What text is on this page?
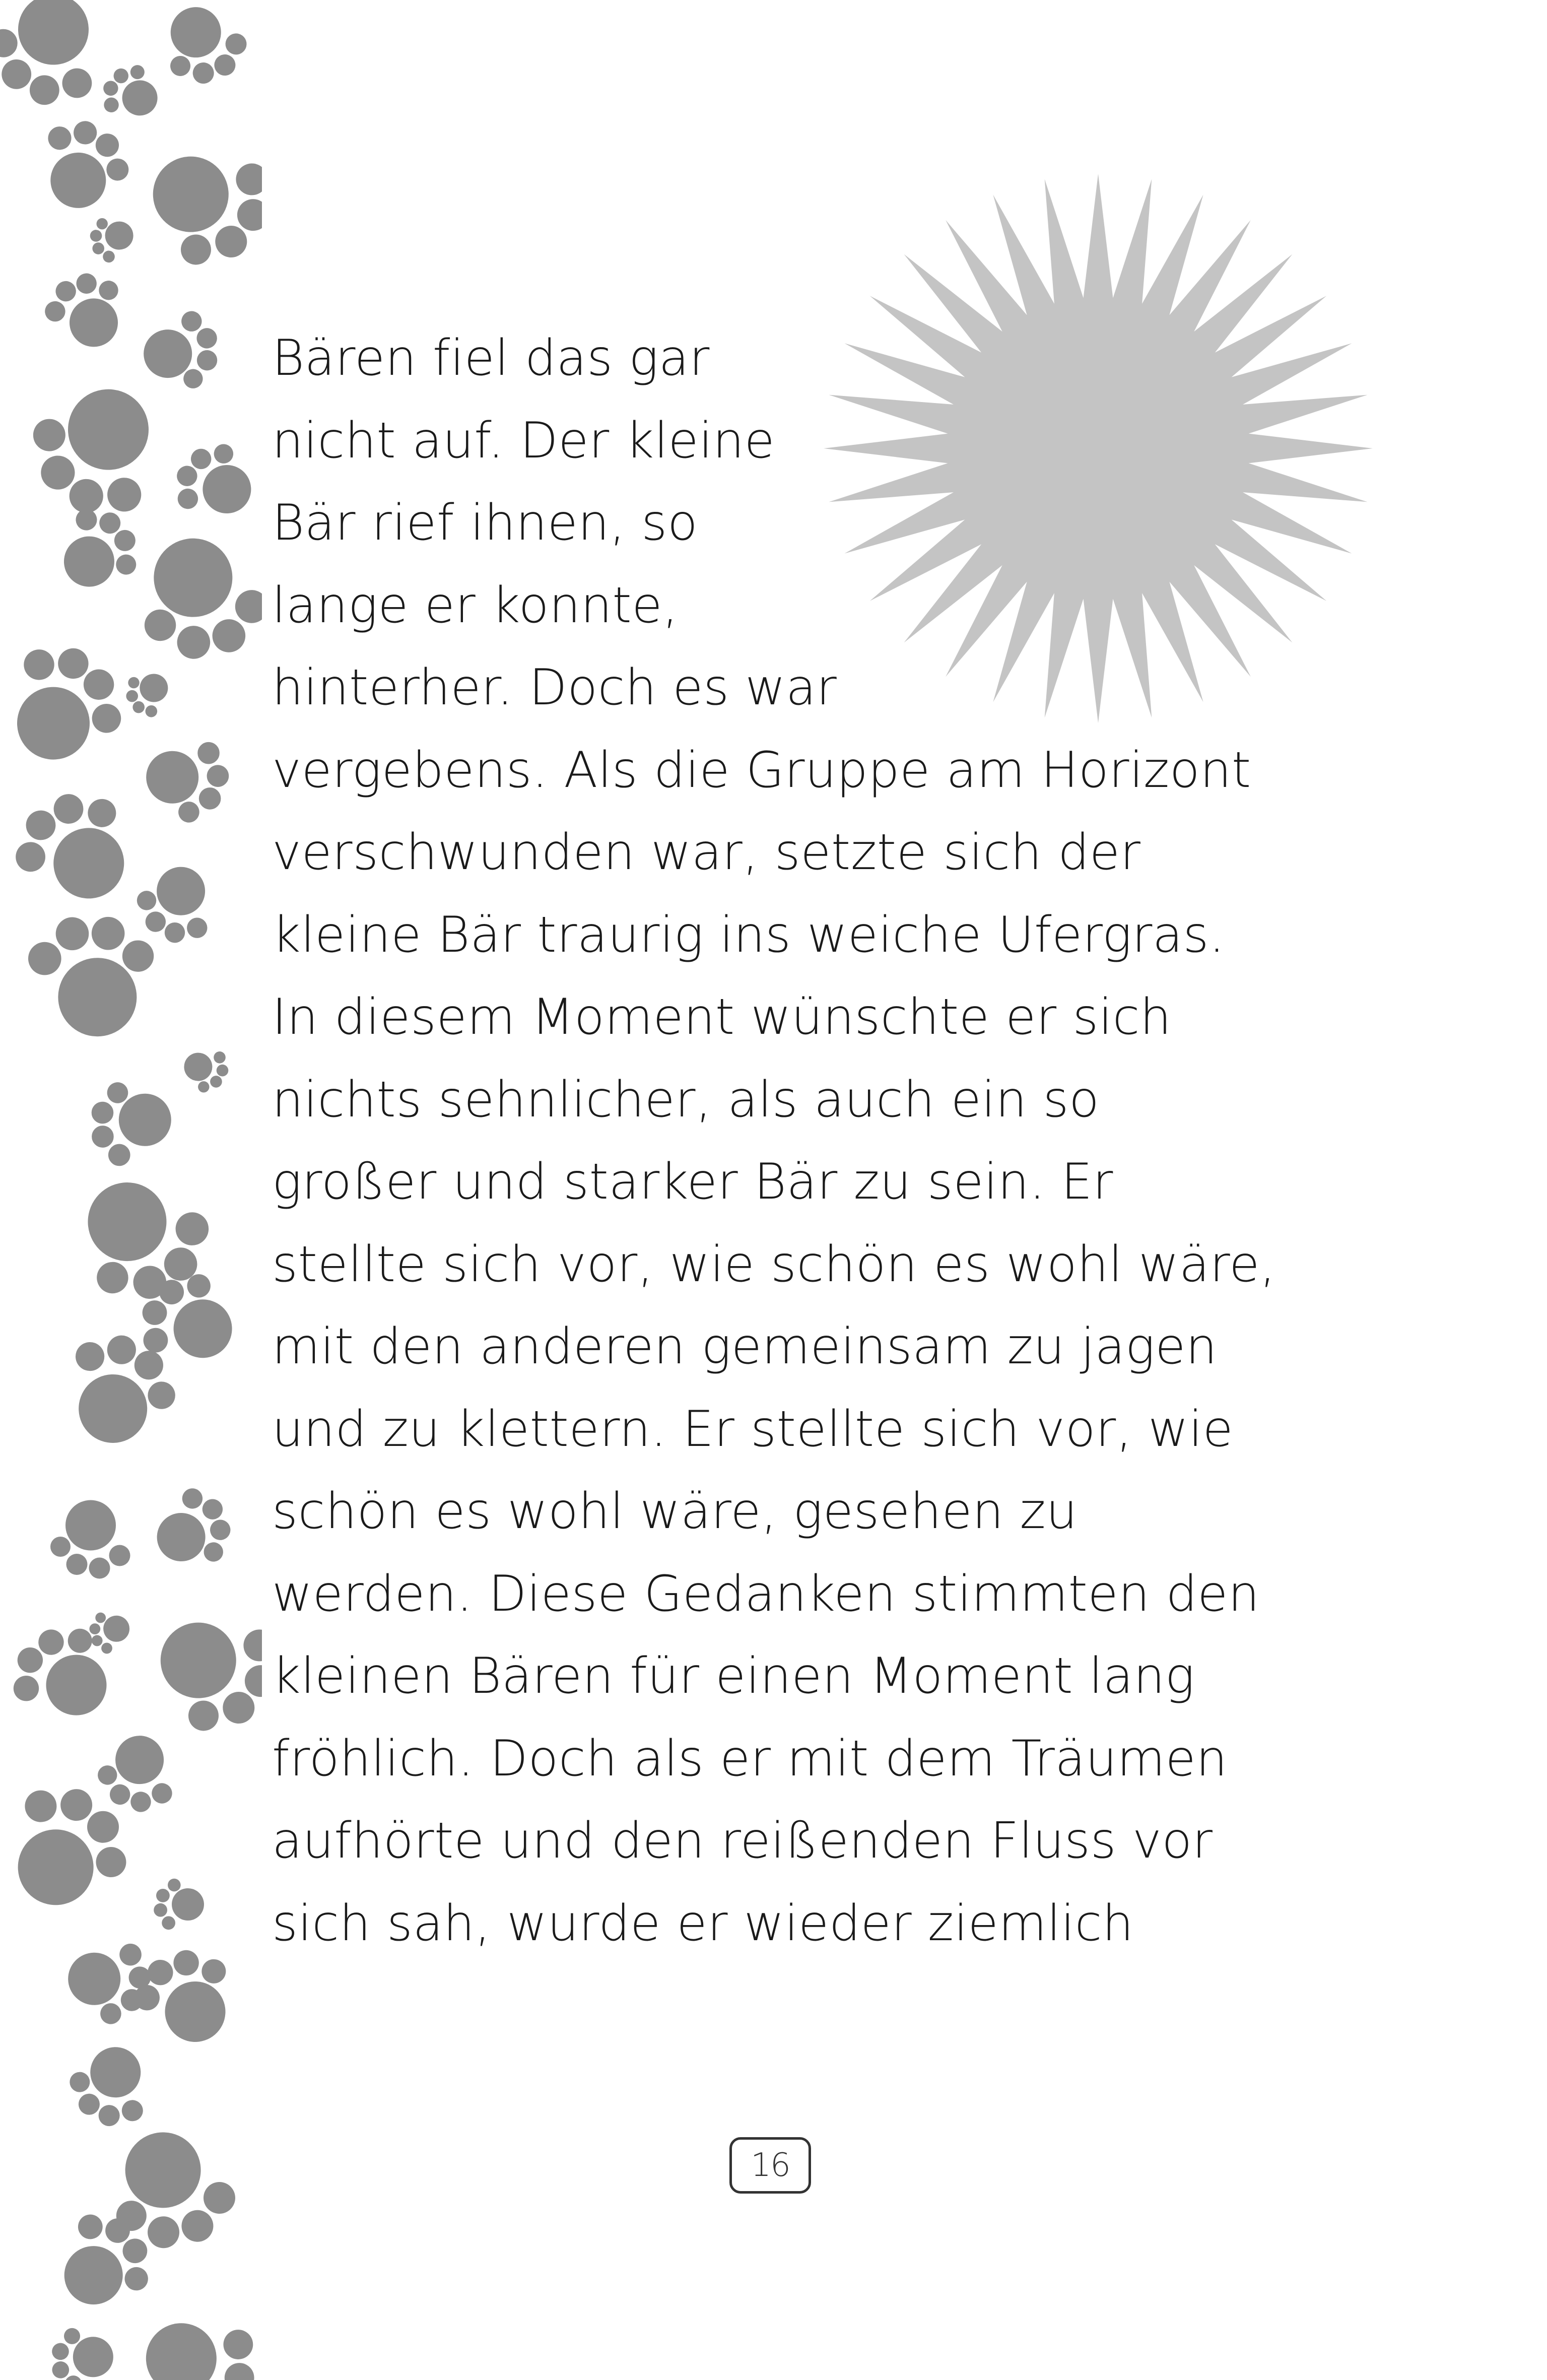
Bären fiel das gar
nicht auf. Der kleine
Bär rief ihnen, so
lange er konnte,
hinterher. Doch es war
vergebens. Als die Gruppe am Horizont
verschwunden war, setzte sich der
kleine Bär traurig ins weiche Ufergras.
In diesem Moment wünschte er sich
nichts sehnlicher, als auch ein so
großer und starker Bär zu sein. Er
stellte sich vor, wie schön es wohl wäre,
mit den anderen gemeinsam zu jagen
und zu klettern. Er stellte sich vor, wie
schön es wohl wäre, gesehen zu
werden. Diese Gedanken stimmten den
kleinen Bären für einen Moment lang
fröhlich. Doch als er mit dem Träumen
aufhörte und den reißenden Fluss vor
sich sah, wurde er wieder ziemlich
16
